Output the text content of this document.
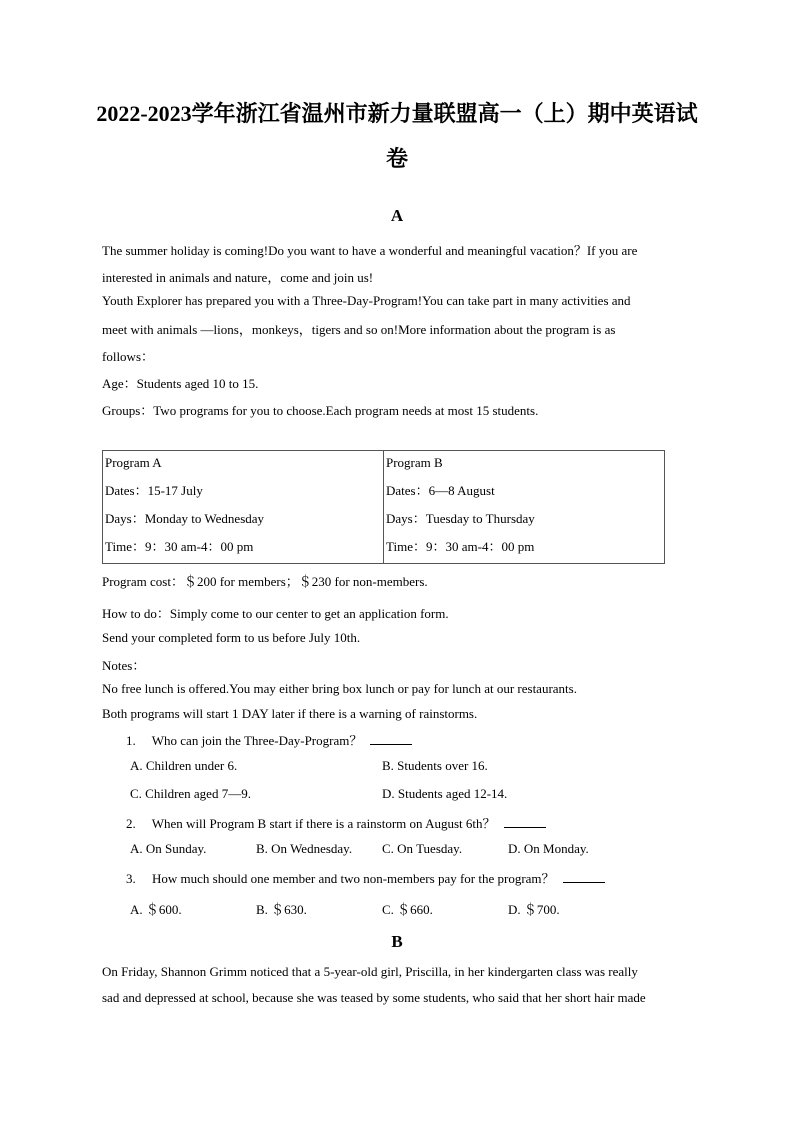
2022-2023学年浙江省温州市新力量联盟高一（上）期中英语试
卷
A
The summer holiday is coming!Do you want to have a wonderful and meaningful vacation？If you are
interested in animals and nature，come and join us!
Youth Explorer has prepared you with a Three-Day-Program!You can take part in many activities and
meet with animals —lions，monkeys，tigers and so on!More information about the program is as
follows：
Age：Students aged 10 to 15.
Groups：Two programs for you to choose.Each program needs at most 15 students.
Program A
Dates：15-17 July
Days：Monday to Wednesday
Time：9：30 am-4：00 pm

Program B
Dates：6—8 August
Days：Tuesday to Thursday
Time：9：30 am-4：00 pm
Program cost：＄200 for members；＄230 for non-members.
How to do：Simply come to our center to get an application form.
Send your completed form to us before July 10th.
Notes：
No free lunch is offered.You may either bring box lunch or pay for lunch at our restaurants.
Both programs will start 1 DAY later if there is a warning of rainstorms.
1. Who can join the Three-Day-Program？
A. Children under 6.	B. Students over 16.
C. Children aged 7—9.	D. Students aged 12-14.
2. When will Program B start if there is a rainstorm on August 6th？
A. On Sunday.	B. On Wednesday. C. On Tuesday.	D. On Monday.
3. How much should one member and two non-members pay for the program？
A. ＄600.	B. ＄630.	C. ＄660.	D. ＄700.
B
On Friday, Shannon Grimm noticed that a 5-year-old girl, Priscilla, in her kindergarten class was really
sad and depressed at school, because she was teased by some students, who said that her short hair made
